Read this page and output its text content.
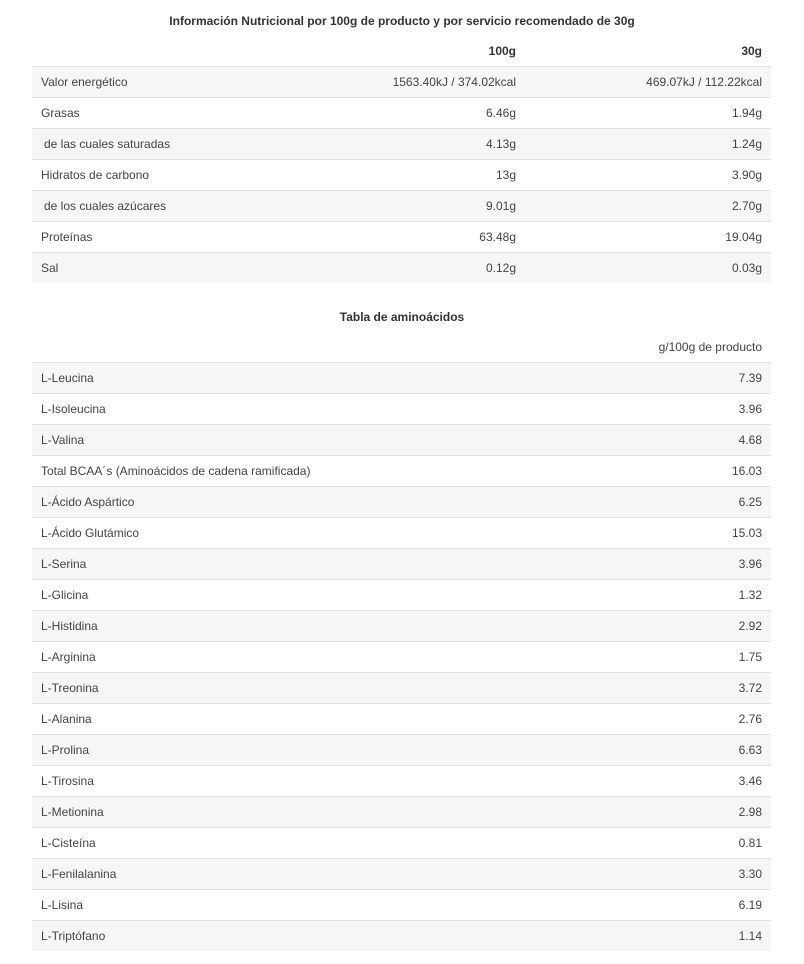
Información Nutricional por 100g de producto y por servicio recomendado de 30g
	100g	30g
Valor energético	1563.40kJ / 374.02kcal	469.07kJ / 112.22kcal
Grasas	6.46g	1.94g
de las cuales saturadas	4.13g	1.24g
Hidratos de carbono	13g	3.90g
de los cuales azúcares	9.01g	2.70g
Proteínas	63.48g	19.04g
Sal	0.12g	0.03g
Tabla de aminoácidos
	g/100g de producto
L-Leucina	7.39
L-Isoleucina	3.96
L-Valina	4.68
Total BCAA´s (Aminoácidos de cadena ramificada)	16.03
L-Ácido Aspártico	6.25
L-Ácido Glutámico	15.03
L-Serina	3.96
L-Glicina	1.32
L-Histidina	2.92
L-Arginina	1.75
L-Treonina	3.72
L-Alanina	2.76
L-Prolina	6.63
L-Tirosina	3.46
L-Metionina	2.98
L-Cisteína	0.81
L-Fenilalanina	3.30
L-Lisina	6.19
L-Triptófano	1.14
